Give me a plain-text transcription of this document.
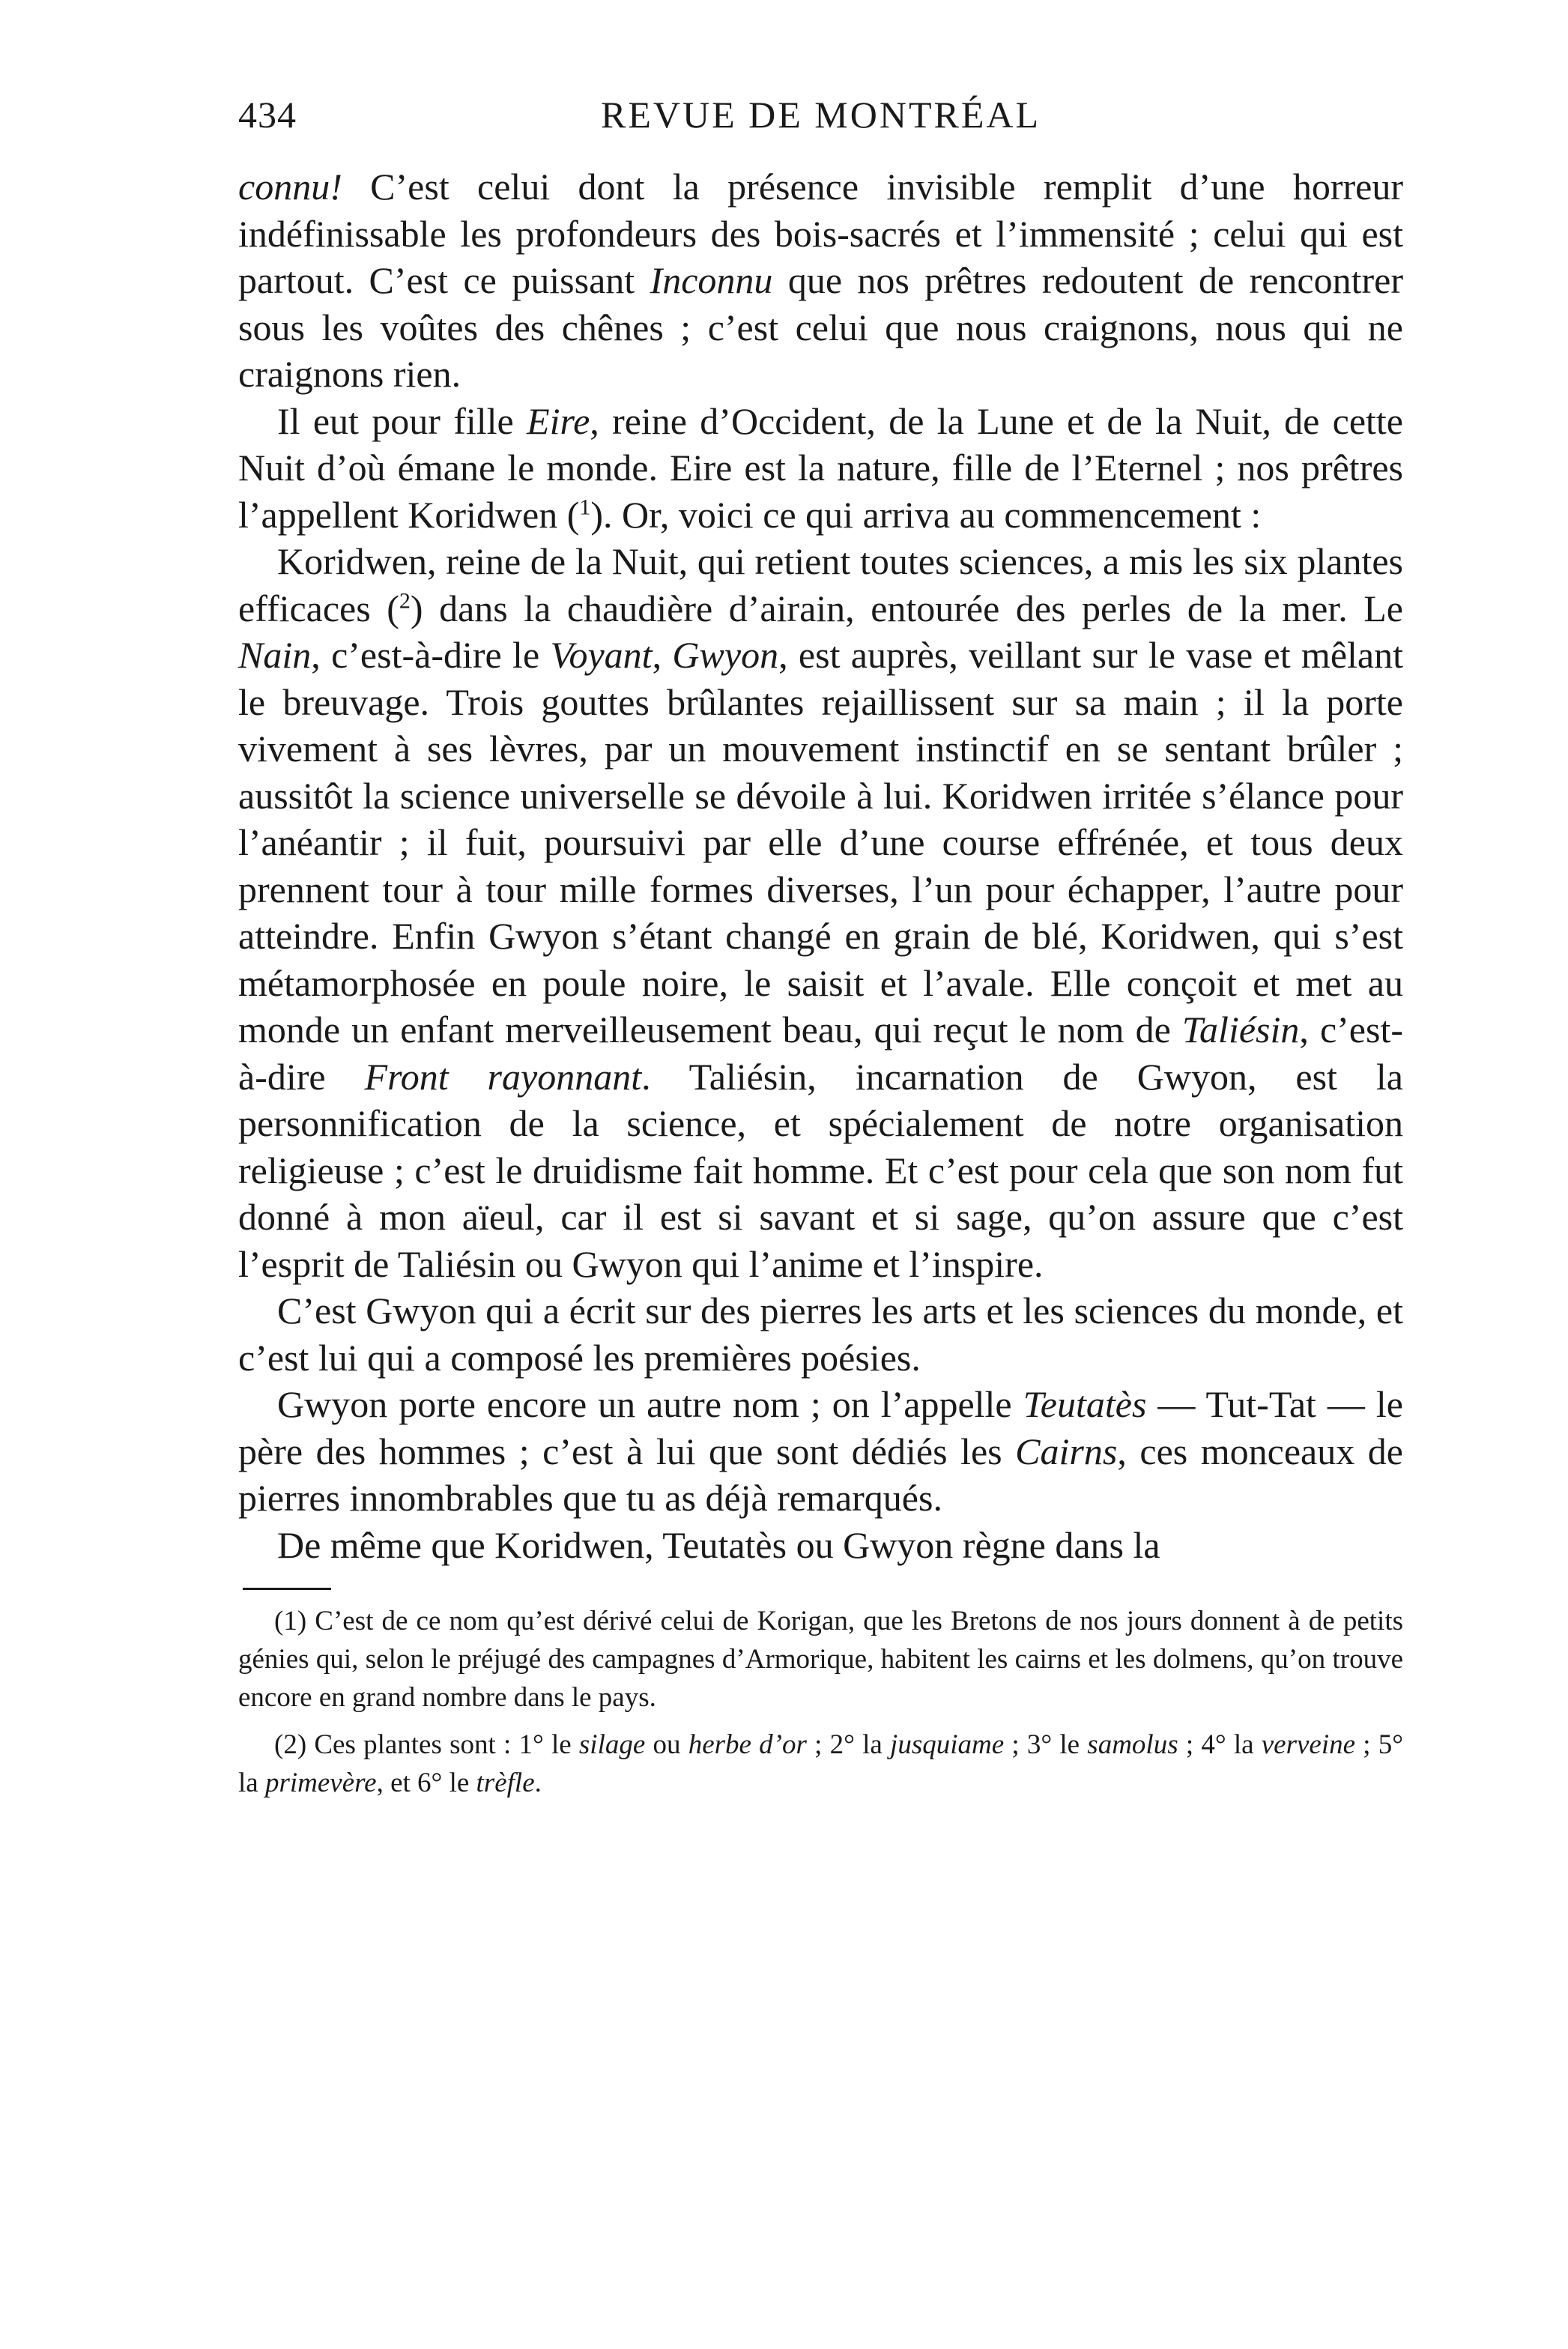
434	REVUE DE MONTRÉAL

connu! C’est celui dont la présence invisible remplit d’une horreur indéfinissable les profondeurs des bois-sacrés et l’immensité ; celui qui est partout. C’est ce puissant Inconnu que nos prêtres redoutent de rencontrer sous les voûtes des chênes ; c’est celui que nous craignons, nous qui ne craignons rien.

Il eut pour fille Eire, reine d’Occident, de la Lune et de la Nuit, de cette Nuit d’où émane le monde. Eire est la nature, fille de l’Eternel ; nos prêtres l’appellent Koridwen ($^1$). Or, voici ce qui arriva au commencement :

Koridwen, reine de la Nuit, qui retient toutes sciences, a mis les six plantes efficaces ($^2$) dans la chaudière d’airain, entourée des perles de la mer. Le Nain, c’est-à-dire le Voyant, Gwyon, est auprès, veillant sur le vase et mêlant le breuvage. Trois gouttes brûlantes rejaillissent sur sa main ; il la porte vivement à ses lèvres, par un mouvement instinctif en se sentant brûler ; aussitôt la science universelle se dévoile à lui. Koridwen irritée s’élance pour l’anéantir ; il fuit, poursuivi par elle d’une course effrénée, et tous deux prennent tour à tour mille formes diverses, l’un pour échapper, l’autre pour atteindre. Enfin Gwyon s’étant changé en grain de blé, Koridwen, qui s’est métamorphosée en poule noire, le saisit et l’avale. Elle conçoit et met au monde un enfant merveilleusement beau, qui reçut le nom de Taliésin, c’est-à-dire Front rayonnant. Taliésin, incarnation de Gwyon, est la personnification de la science, et spécialement de notre organisation religieuse ; c’est le druidisme fait homme. Et c’est pour cela que son nom fut donné à mon aïeul, car il est si savant et si sage, qu’on assure que c’est l’esprit de Taliésin ou Gwyon qui l’anime et l’inspire.

C’est Gwyon qui a écrit sur des pierres les arts et les sciences du monde, et c’est lui qui a composé les premières poésies.

Gwyon porte encore un autre nom ; on l’appelle Teutatès — Tut-Tat — le père des hommes ; c’est à lui que sont dédiés les Cairns, ces monceaux de pierres innombrables que tu as déjà remarqués.

De même que Koridwen, Teutatès ou Gwyon règne dans la

(1) C’est de ce nom qu’est dérivé celui de Korigan, que les Bretons de nos jours donnent à de petits génies qui, selon le préjugé des campagnes d’Armorique, habitent les cairns et les dolmens, qu’on trouve encore en grand nombre dans le pays.

(2) Ces plantes sont : 1° le silage ou herbe d’or ; 2° la jusquiame ; 3° le samolus ; 4° la verveine ; 5° la primevère, et 6° le trèfle.
